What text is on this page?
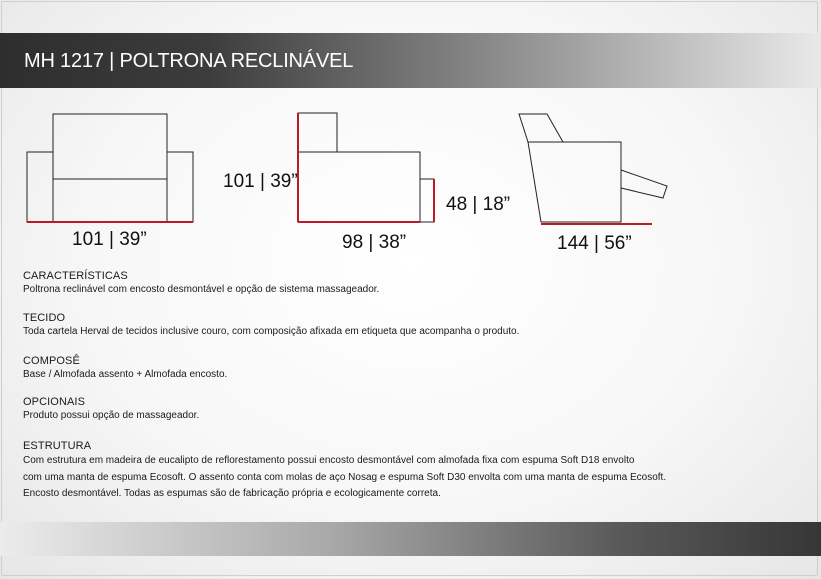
MH 1217 | POLTRONA RECLINÁVEL
101 | 39”
101 | 39”
98 | 38”
48 | 18”
144 | 56”
CARACTERÍSTICAS
Poltrona reclinável com encosto desmontável e opção de sistema massageador.
TECIDO
Toda cartela Herval de tecidos inclusive couro, com composição afixada em etiqueta que acompanha o produto.
COMPOSÊ
Base / Almofada assento + Almofada encosto.
OPCIONAIS
Produto possui opção de massageador.
ESTRUTURA
Com estrutura em madeira de eucalipto de reflorestamento possui encosto desmontável com almofada fixa com espuma Soft D18 envolto
com uma manta de espuma Ecosoft. O assento conta com molas de aço Nosag e espuma Soft D30 envolta com uma manta de espuma Ecosoft.
Encosto desmontável. Todas as espumas são de fabricação própria e ecologicamente correta.
